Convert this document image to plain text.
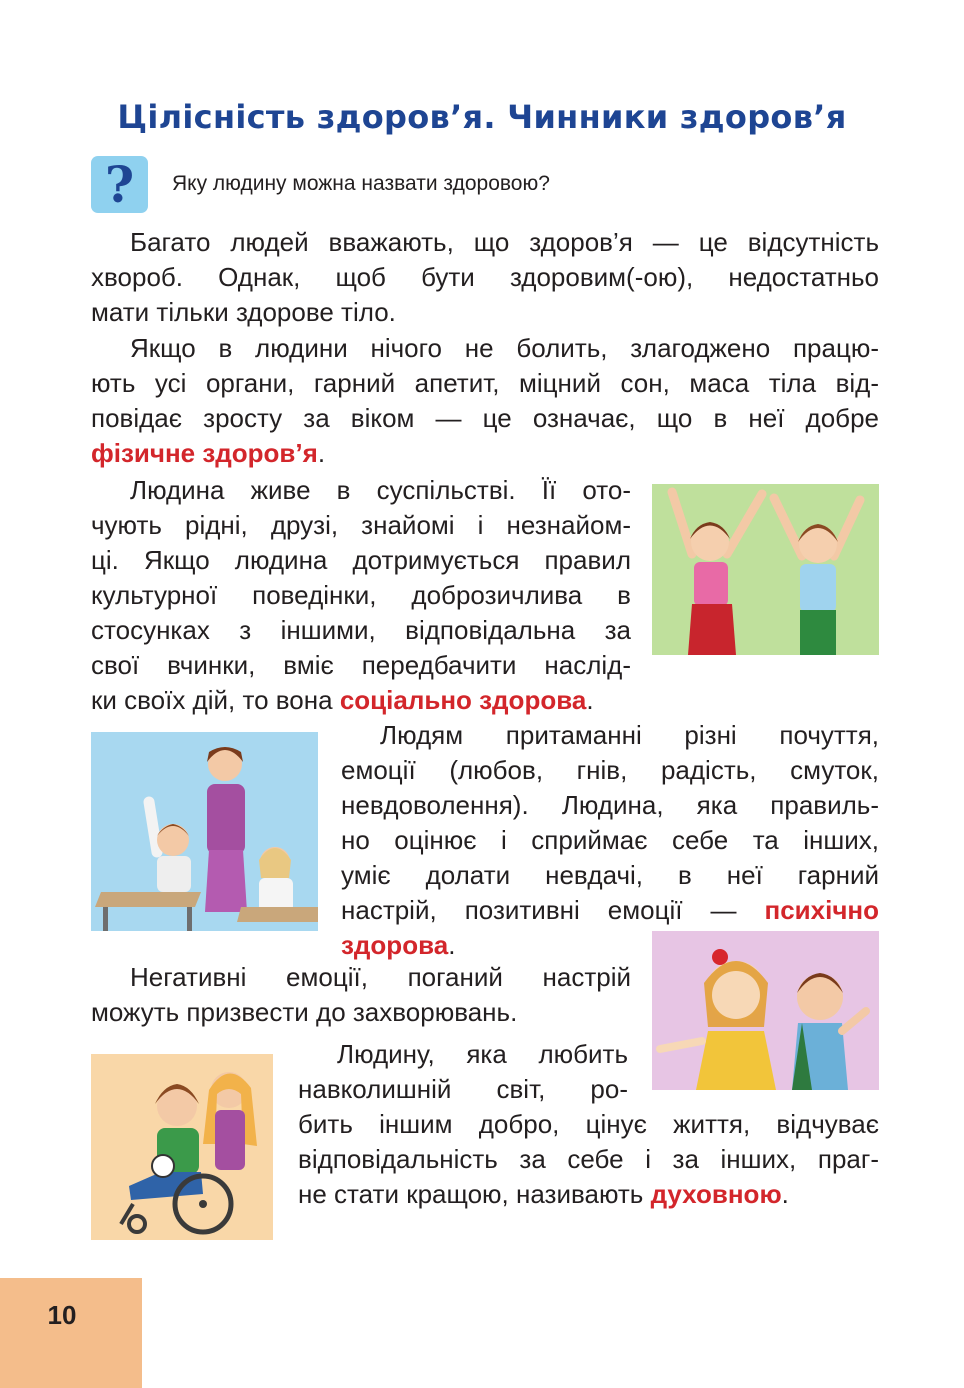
Цілісність здоров’я. Чинники здоров’я
?	Яку людину можна назвати здоровою?
Багато людей вважають, що здоров’я — це відсутність
хвороб. Однак, щоб бути здоровим(-ою), недостатньо
мати тільки здорове тіло.
Якщо в людини нічого не болить, злагоджено працю-
ють усі органи, гарний апетит, міцний сон, маса тіла від-
повідає зросту за віком — це означає, що в неї добре
фізичне здоров’я.
Людина живе в суспільстві. Її ото-
чують рідні, друзі, знайомі і незнайом-
ці. Якщо людина дотримується правил
культурної поведінки, доброзичлива в
стосунках з іншими, відповідальна за
свої вчинки, вміє передбачити наслід-
ки своїх дій, то вона соціально здорова.
Людям притаманні різні почуття,
емоції (любов, гнів, радість, смуток,
невдоволення). Людина, яка правиль-
но оцінює і сприймає себе та інших,
уміє долати невдачі, в неї гарний
настрій, позитивні емоції — психічно
здорова.
Негативні емоції, поганий настрій
можуть призвести до захворювань.
Людину, яка любить
навколишній світ, ро-
бить іншим добро, цінує життя, відчуває
відповідальність за себе і за інших, праг-
не стати кращою, називають духовною.
10
